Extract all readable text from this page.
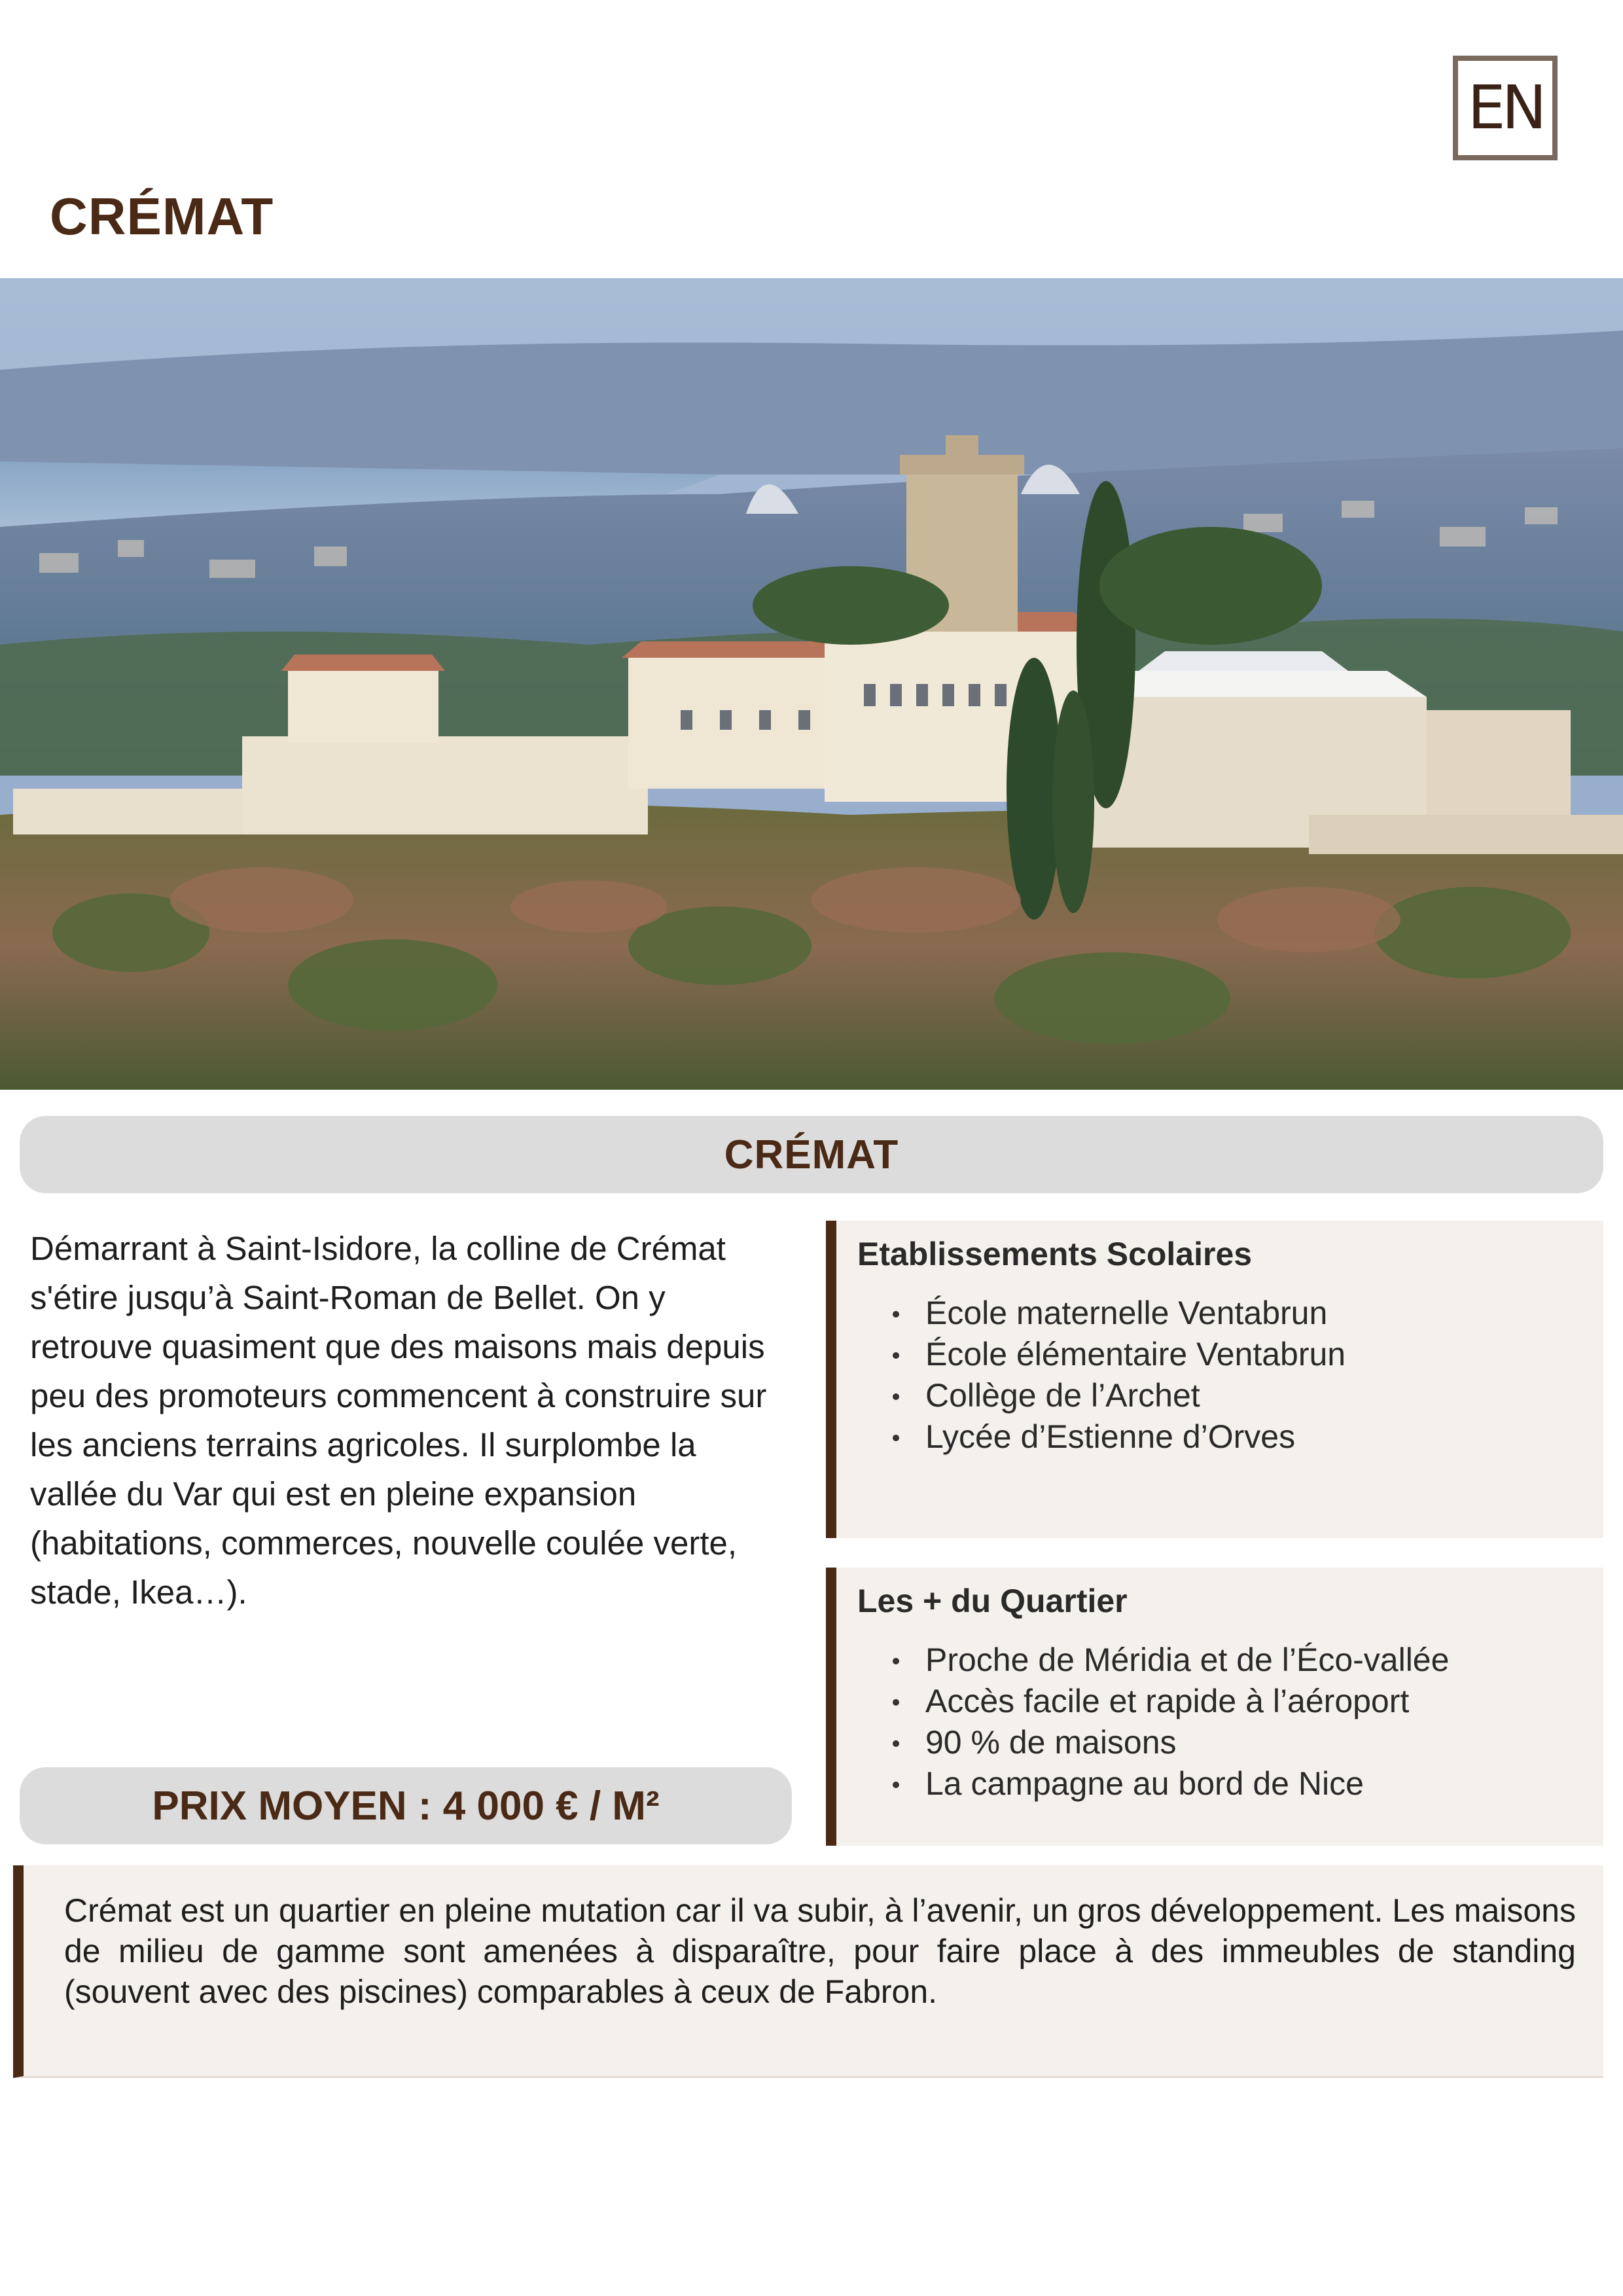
EN
CRÉMAT
CRÉMAT
Démarrant à Saint-Isidore, la colline de Crémat s'étire jusqu’à Saint-Roman de Bellet. On y retrouve quasiment que des maisons mais depuis peu des promoteurs commencent à construire sur les anciens terrains agricoles. Il surplombe la vallée du Var qui est en pleine expansion (habitations, commerces, nouvelle coulée verte, stade, Ikea…).
PRIX MOYEN : 4 000 € / M²
Etablissements Scolaires
École maternelle Ventabrun
École élémentaire Ventabrun
Collège de l’Archet
Lycée d’Estienne d’Orves
Les + du Quartier
Proche de Méridia et de l’Éco-vallée
Accès facile et rapide à l’aéroport
90 % de maisons
La campagne au bord de Nice

Crémat est un quartier en pleine mutation car il va subir, à l’avenir, un gros développement. Les maisons de milieu de gamme sont amenées à disparaître, pour faire place à des immeubles de standing (souvent avec des piscines) comparables à ceux de Fabron.
